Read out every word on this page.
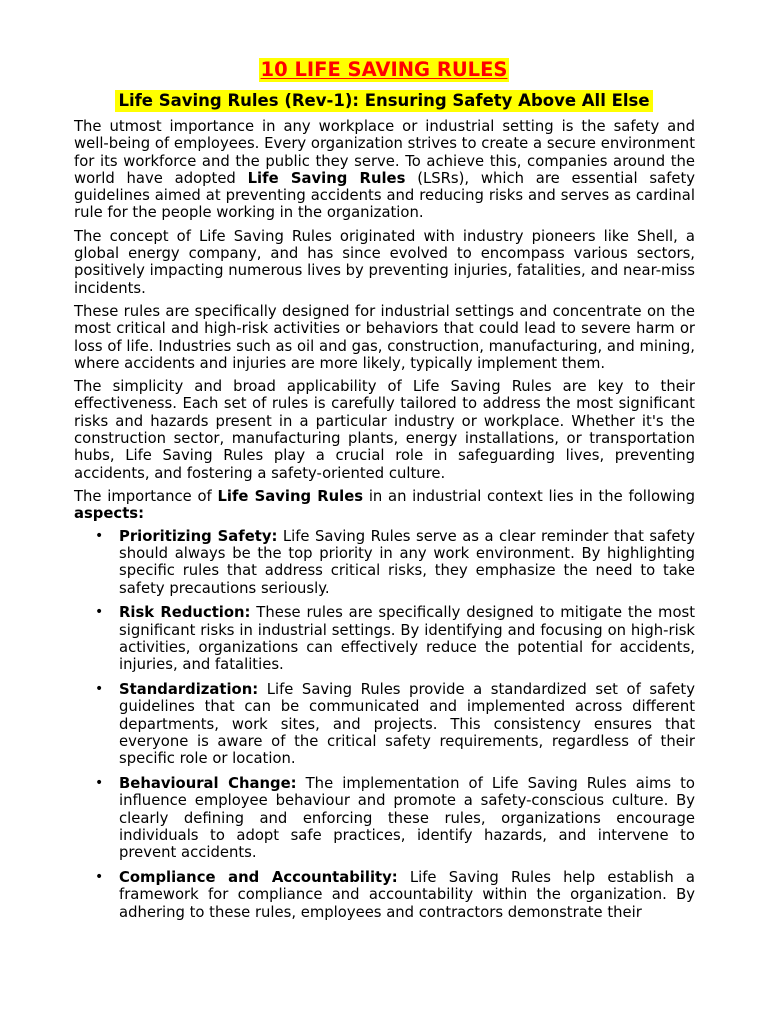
10 LIFE SAVING RULES
Life Saving Rules (Rev-1): Ensuring Safety Above All Else

The utmost importance in any workplace or industrial setting is the safety and well-being of employees. Every organization strives to create a secure environment for its workforce and the public they serve. To achieve this, companies around the world have adopted Life Saving Rules (LSRs), which are essential safety guidelines aimed at preventing accidents and reducing risks and serves as cardinal rule for the people working in the organization.

The concept of Life Saving Rules originated with industry pioneers like Shell, a global energy company, and has since evolved to encompass various sectors, positively impacting numerous lives by preventing injuries, fatalities, and near-miss incidents.

These rules are specifically designed for industrial settings and concentrate on the most critical and high-risk activities or behaviors that could lead to severe harm or loss of life. Industries such as oil and gas, construction, manufacturing, and mining, where accidents and injuries are more likely, typically implement them.

The simplicity and broad applicability of Life Saving Rules are key to their effectiveness. Each set of rules is carefully tailored to address the most significant risks and hazards present in a particular industry or workplace. Whether it's the construction sector, manufacturing plants, energy installations, or transportation hubs, Life Saving Rules play a crucial role in safeguarding lives, preventing accidents, and fostering a safety-oriented culture.

The importance of Life Saving Rules in an industrial context lies in the following aspects:

• Prioritizing Safety: Life Saving Rules serve as a clear reminder that safety should always be the top priority in any work environment. By highlighting specific rules that address critical risks, they emphasize the need to take safety precautions seriously.
• Risk Reduction: These rules are specifically designed to mitigate the most significant risks in industrial settings. By identifying and focusing on high-risk activities, organizations can effectively reduce the potential for accidents, injuries, and fatalities.
• Standardization: Life Saving Rules provide a standardized set of safety guidelines that can be communicated and implemented across different departments, work sites, and projects. This consistency ensures that everyone is aware of the critical safety requirements, regardless of their specific role or location.
• Behavioural Change: The implementation of Life Saving Rules aims to influence employee behaviour and promote a safety-conscious culture. By clearly defining and enforcing these rules, organizations encourage individuals to adopt safe practices, identify hazards, and intervene to prevent accidents.
• Compliance and Accountability: Life Saving Rules help establish a framework for compliance and accountability within the organization. By adhering to these rules, employees and contractors demonstrate their
